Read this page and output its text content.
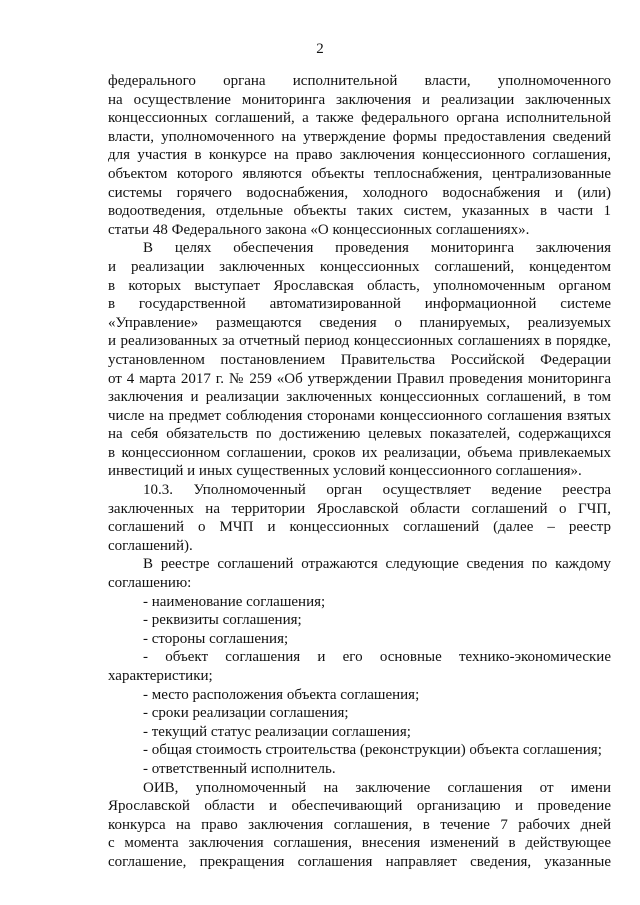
2
федерального органа исполнительной власти, уполномоченного
на осуществление мониторинга заключения и реализации заключенных
концессионных соглашений, а также федерального органа исполнительной
власти, уполномоченного на утверждение формы предоставления сведений
для участия в конкурсе на право заключения концессионного соглашения,
объектом которого являются объекты теплоснабжения, централизованные
системы горячего водоснабжения, холодного водоснабжения и (или)
водоотведения, отдельные объекты таких систем, указанных в части 1
статьи 48 Федерального закона «О концессионных соглашениях».
В целях обеспечения проведения мониторинга заключения
и реализации заключенных концессионных соглашений, концедентом
в которых выступает Ярославская область, уполномоченным органом
в государственной автоматизированной информационной системе
«Управление» размещаются сведения о планируемых, реализуемых
и реализованных за отчетный период концессионных соглашениях в порядке,
установленном постановлением Правительства Российской Федерации
от 4 марта 2017 г. № 259 «Об утверждении Правил проведения мониторинга
заключения и реализации заключенных концессионных соглашений, в том
числе на предмет соблюдения сторонами концессионного соглашения взятых
на себя обязательств по достижению целевых показателей, содержащихся
в концессионном соглашении, сроков их реализации, объема привлекаемых
инвестиций и иных существенных условий концессионного соглашения».
10.3. Уполномоченный орган осуществляет ведение реестра
заключенных на территории Ярославской области соглашений о ГЧП,
соглашений о МЧП и концессионных соглашений (далее – реестр
соглашений).
В реестре соглашений отражаются следующие сведения по каждому
соглашению:
- наименование соглашения;
- реквизиты соглашения;
- стороны соглашения;
- объект соглашения и его основные технико-экономические
характеристики;
- место расположения объекта соглашения;
- сроки реализации соглашения;
- текущий статус реализации соглашения;
- общая стоимость строительства (реконструкции) объекта соглашения;
- ответственный исполнитель.
ОИВ, уполномоченный на заключение соглашения от имени
Ярославской области и обеспечивающий организацию и проведение
конкурса на право заключения соглашения, в течение 7 рабочих дней
с момента заключения соглашения, внесения изменений в действующее
соглашение, прекращения соглашения направляет сведения, указанные
